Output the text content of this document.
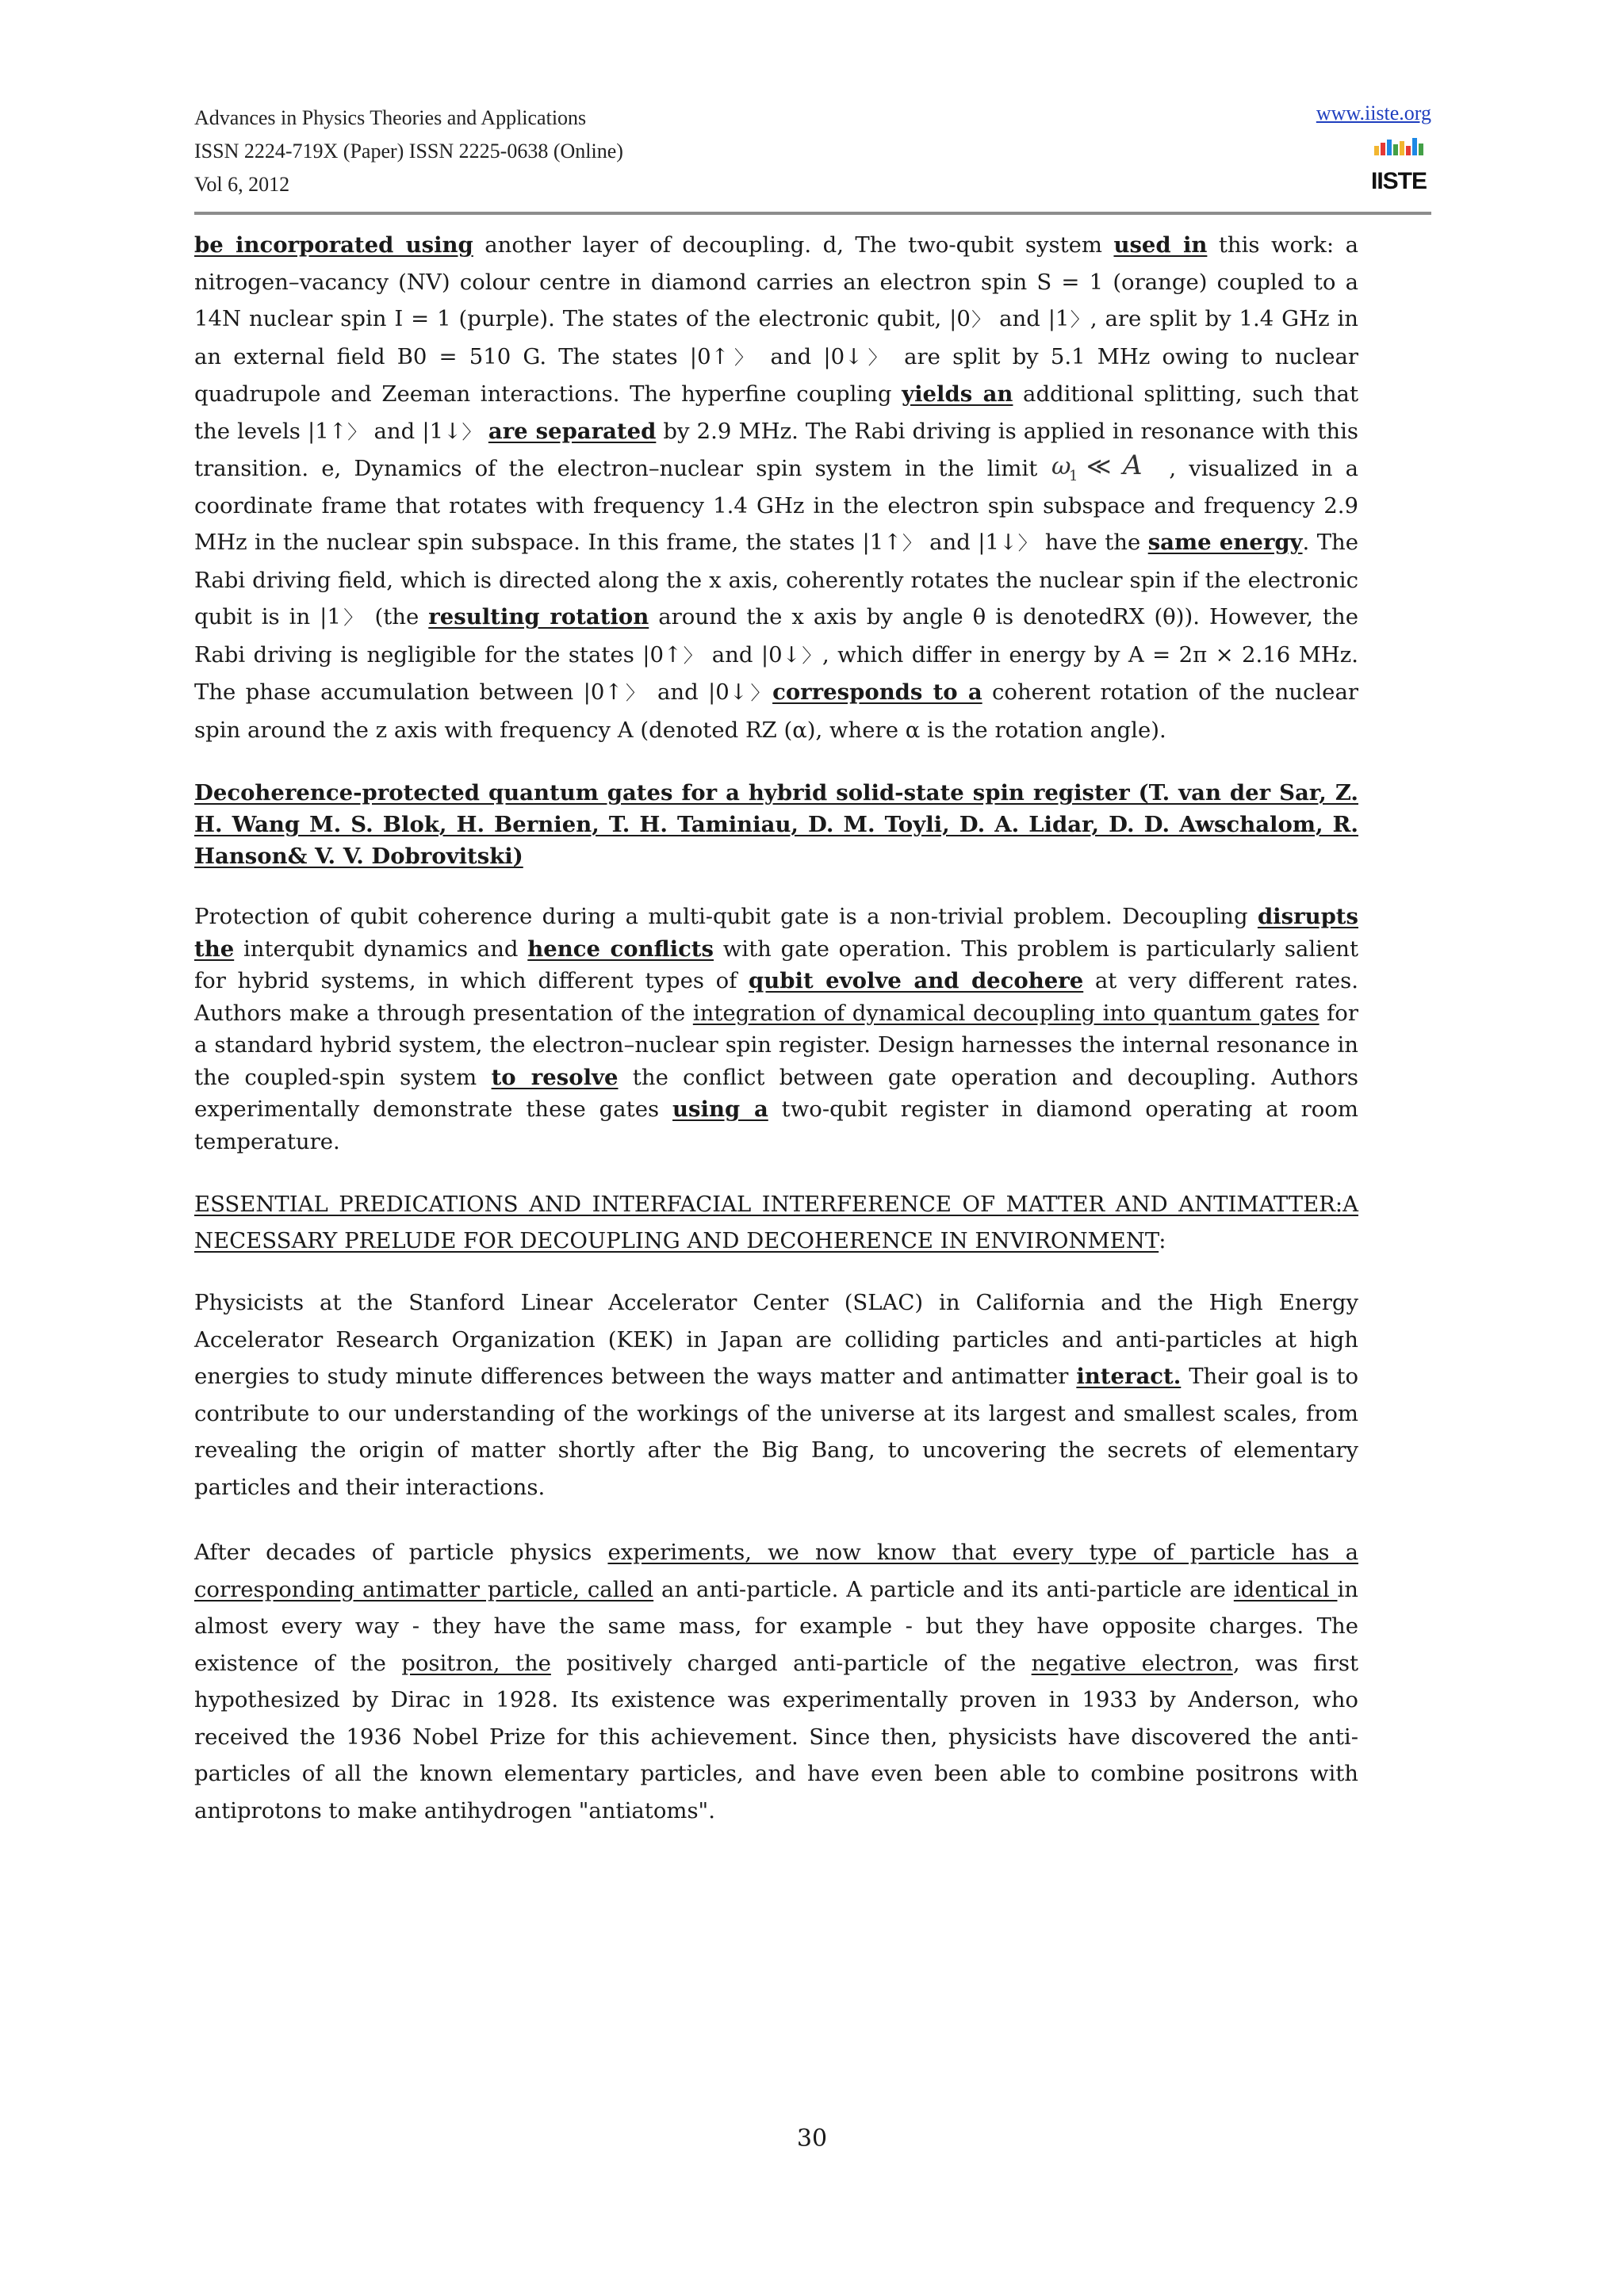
Advances in Physics Theories and Applications
ISSN 2224-719X (Paper) ISSN 2225-0638 (Online)
Vol 6, 2012
www.iiste.org
IISTE

be incorporated using another layer of decoupling. d, The two-qubit system used in this work: a nitrogen–vacancy (NV) colour centre in diamond carries an electron spin S = 1 (orange) coupled to a 14N nuclear spin I = 1 (purple). The states of the electronic qubit, |0〉 and |1〉, are split by 1.4 GHz in an external field B0 = 510 G. The states |0↑〉 and |0↓〉 are split by 5.1 MHz owing to nuclear quadrupole and Zeeman interactions. The hyperfine coupling yields an additional splitting, such that the levels |1↑〉 and |1↓〉 are separated by 2.9 MHz. The Rabi driving is applied in resonance with this transition. e, Dynamics of the electron–nuclear spin system in the limit ω
1 ≪ A , visualized in a coordinate frame that rotates with frequency 1.4 GHz in the electron spin subspace and frequency 2.9 MHz in the nuclear spin subspace. In this frame, the states |1↑〉 and |1↓〉 have the same energy. The Rabi driving field, which is directed along the x axis, coherently rotates the nuclear spin if the electronic qubit is in |1〉 (the resulting rotation around the x axis by angle θ is denotedRX (θ)). However, the Rabi driving is negligible for the states |0↑〉 and |0↓〉, which differ in energy by A = 2π × 2.16 MHz. The phase accumulation between |0↑〉 and |0↓〉corresponds to a coherent rotation of the nuclear spin around the z axis with frequency A (denoted RZ (α), where α is the rotation angle).

Decoherence-protected quantum gates for a hybrid solid-state spin register (T. van der Sar, Z. H. Wang M. S. Blok, H. Bernien, T. H. Taminiau, D. M. Toyli, D. A. Lidar, D. D. Awschalom, R. Hanson& V. V. Dobrovitski)

Protection of qubit coherence during a multi-qubit gate is a non-trivial problem. Decoupling disrupts the interqubit dynamics and hence conflicts with gate operation. This problem is particularly salient for hybrid systems, in which different types of qubit evolve and decohere at very different rates. Authors make a through presentation of the integration of dynamical decoupling into quantum gates for a standard hybrid system, the electron–nuclear spin register. Design harnesses the internal resonance in the coupled-spin system to resolve the conflict between gate operation and decoupling. Authors experimentally demonstrate these gates using a two-qubit register in diamond operating at room temperature.

ESSENTIAL PREDICATIONS AND INTERFACIAL INTERFERENCE OF MATTER AND ANTIMATTER:A NECESSARY PRELUDE FOR DECOUPLING AND DECOHERENCE IN ENVIRONMENT:

Physicists at the Stanford Linear Accelerator Center (SLAC) in California and the High Energy Accelerator Research Organization (KEK) in Japan are colliding particles and anti-particles at high energies to study minute differences between the ways matter and antimatter interact. Their goal is to contribute to our understanding of the workings of the universe at its largest and smallest scales, from revealing the origin of matter shortly after the Big Bang, to uncovering the secrets of elementary particles and their interactions.

After decades of particle physics experiments, we now know that every type of particle has a corresponding antimatter particle, called an anti-particle. A particle and its anti-particle are identical in almost every way - they have the same mass, for example - but they have opposite charges. The existence of the positron, the positively charged anti-particle of the negative electron, was first hypothesized by Dirac in 1928. Its existence was experimentally proven in 1933 by Anderson, who received the 1936 Nobel Prize for this achievement. Since then, physicists have discovered the anti-particles of all the known elementary particles, and have even been able to combine positrons with antiprotons to make antihydrogen "antiatoms".

30
